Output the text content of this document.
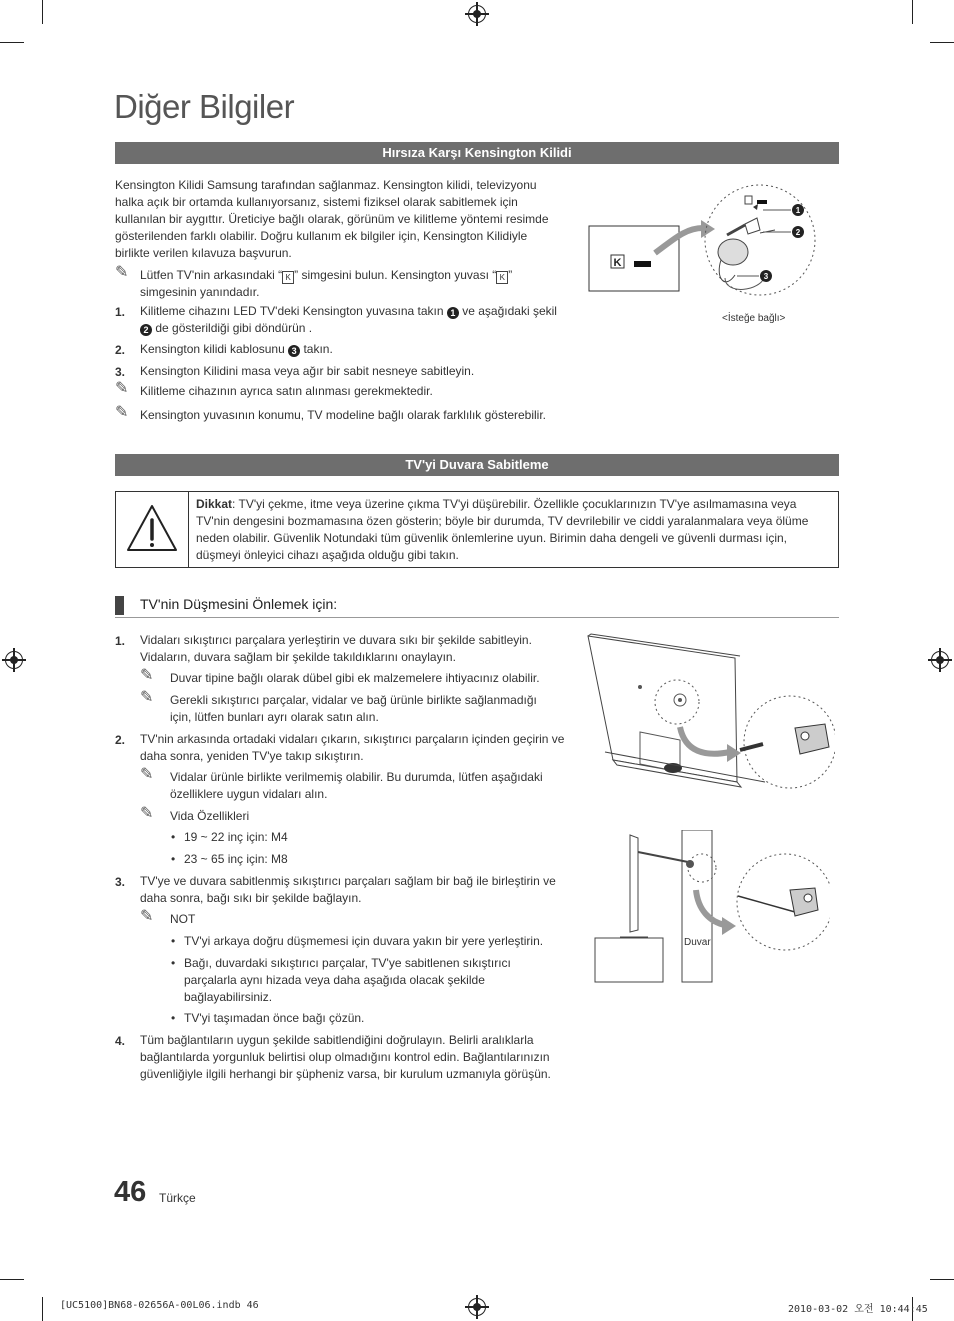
Diğer Bilgiler
Hırsıza Karşı Kensington Kilidi
Kensington Kilidi Samsung tarafından sağlanmaz. Kensington kilidi, televizyonu
halka açık bir ortamda kullanıyorsanız, sistemi fiziksel olarak sabitlemek için
kullanılan bir aygıttır. Üreticiye bağlı olarak, görünüm ve kilitleme yöntemi resimde
gösterilenden farklı olabilir. Doğru kullanım ek bilgiler için, Kensington Kilidiyle
birlikte verilen kılavuza başvurun.
✎ Lütfen TV'nin arkasındaki “ K ” simgesini bulun. Kensington yuvası “ K ”
simgesinin yanındadır.
1. Kilitleme cihazını LED TV'deki Kensington yuvasına takın 1 ve aşağıdaki şekil
2 de gösterildiği gibi döndürün .
2. Kensington kilidi kablosunu 3 takın.
3. Kensington Kilidini masa veya ağır bir sabit nesneye sabitleyin.
✎ Kilitleme cihazının ayrıca satın alınması gerekmektedir.
✎ Kensington yuvasının konumu, TV modeline bağlı olarak farklılık gösterebilir.
K
1
2
3
<İsteğe bağlı>
TV'yi Duvara Sabitleme
Dikkat: TV'yi çekme, itme veya üzerine çıkma TV'yi düşürebilir. Özellikle çocuklarınızın TV'ye asılmamasına veya
TV'nin dengesini bozmamasına özen gösterin; böyle bir durumda, TV devrilebilir ve ciddi yaralanmalara veya ölüme
neden olabilir. Güvenlik Notundaki tüm güvenlik önlemlerine uyun. Birimin daha dengeli ve güvenli durması için,
düşmeyi önleyici cihazı aşağıda olduğu gibi takın.
TV'nin Düşmesini Önlemek için:
1. Vidaları sıkıştırıcı parçalara yerleştirin ve duvara sıkı bir şekilde sabitleyin.
Vidaların, duvara sağlam bir şekilde takıldıklarını onaylayın.
✎ Duvar tipine bağlı olarak dübel gibi ek malzemelere ihtiyacınız olabilir.
✎ Gerekli sıkıştırıcı parçalar, vidalar ve bağ ürünle birlikte sağlanmadığı
için, lütfen bunları ayrı olarak satın alın.
2. TV'nin arkasında ortadaki vidaları çıkarın, sıkıştırıcı parçaların içinden geçirin ve
daha sonra, yeniden TV'ye takıp sıkıştırın.
✎ Vidalar ürünle birlikte verilmemiş olabilir. Bu durumda, lütfen aşağıdaki
özelliklere uygun vidaları alın.
✎ Vida Özellikleri
• 19 ~ 22 inç için: M4
• 23 ~ 65 inç için: M8
3. TV'ye ve duvara sabitlenmiş sıkıştırıcı parçaları sağlam bir bağ ile birleştirin ve
daha sonra, bağı sıkı bir şekilde bağlayın.
✎ NOT
• TV'yi arkaya doğru düşmemesi için duvara yakın bir yere yerleştirin.
• Bağı, duvardaki sıkıştırıcı parçalar, TV'ye sabitlenen sıkıştırıcı
parçalarla aynı hizada veya daha aşağıda olacak şekilde
bağlayabilirsiniz.
• TV'yi taşımadan önce bağı çözün.
4. Tüm bağlantıların uygun şekilde sabitlendiğini doğrulayın. Belirli aralıklarla
bağlantılarda yorgunluk belirtisi olup olmadığını kontrol edin. Bağlantılarınızın
güvenliğiyle ilgili herhangi bir şüpheniz varsa, bir kurulum uzmanıyla görüşün.
Duvar
46 Türkçe
[UC5100]BN68-02656A-00L06.indb 46	2010-03-02 오전 10:44:45
